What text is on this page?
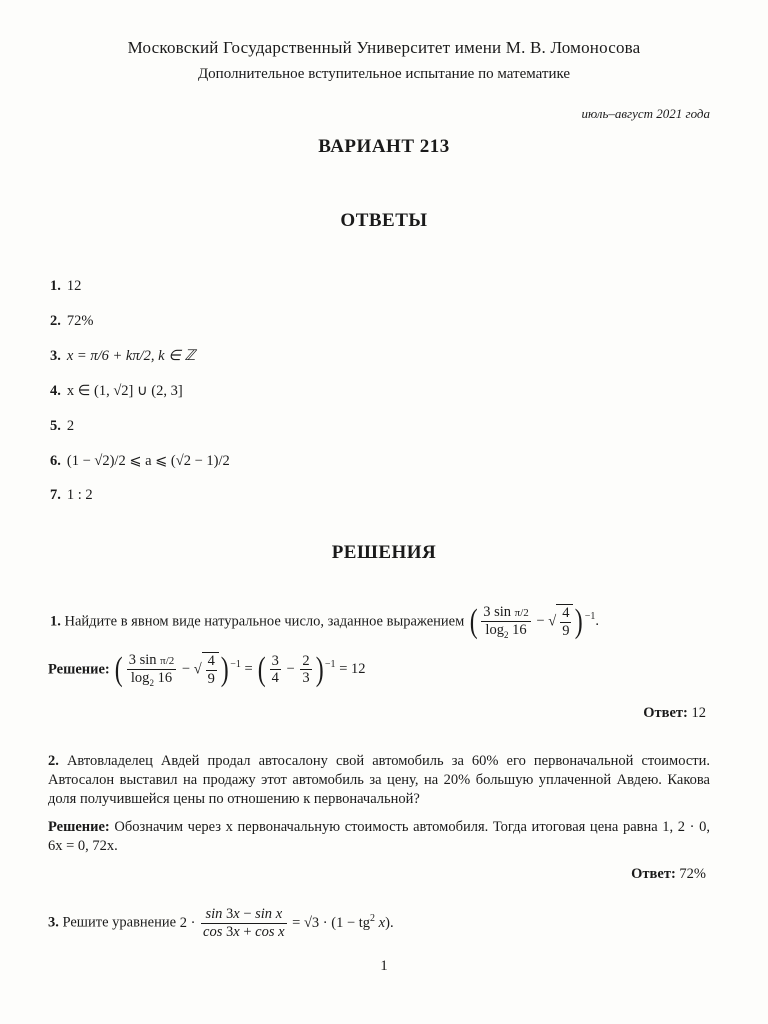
Московский Государственный Университет имени М. В. Ломоносова
Дополнительное вступительное испытание по математике
июль–август 2021 года
ВАРИАНТ 213
ОТВЕТЫ
1. 12
2. 72%
3. x = π/6 + kπ/2, k ∈ ℤ
4. x ∈ (1, √2] ∪ (2, 3]
5. 2
6. (1 − √2)/2 ⩽ a ⩽ (√2 − 1)/2
7. 1 : 2
РЕШЕНИЯ
1. Найдите в явном виде натуральное число, заданное выражением ( $\frac{\text{3 sin π/2}}{\log_2 16}$ − √ $\frac{4}{9}$ ) $^{-1}$.
Решение: ( $\frac{\text{3 sin π/2}}{\log_2 16}$ − √ $\frac{4}{9}$ ) $^{-1}$ = ( $\frac{3}{4} - \frac{2}{3}$ ) $^{-1}$ = 12
Ответ: 12
2. Автовладелец Авдей продал автосалону свой автомобиль за 60% его первоначальной стоимости. Автосалон выставил на продажу этот автомобиль за цену, на 20% большую уплаченной Авдею. Какова доля получившейся цены по отношению к первоначальной?
Решение: Обозначим через x первоначальную стоимость автомобиля. Тогда итоговая цена равна 1, 2 · 0, 6x = 0, 72x.
Ответ: 72%
3. Решите уравнение $2 \cdot \frac{\text{sin 3x − sin x}}{\text{cos 3x + cos x}} = √3 \cdot (1 - tg^2$ x).
1
